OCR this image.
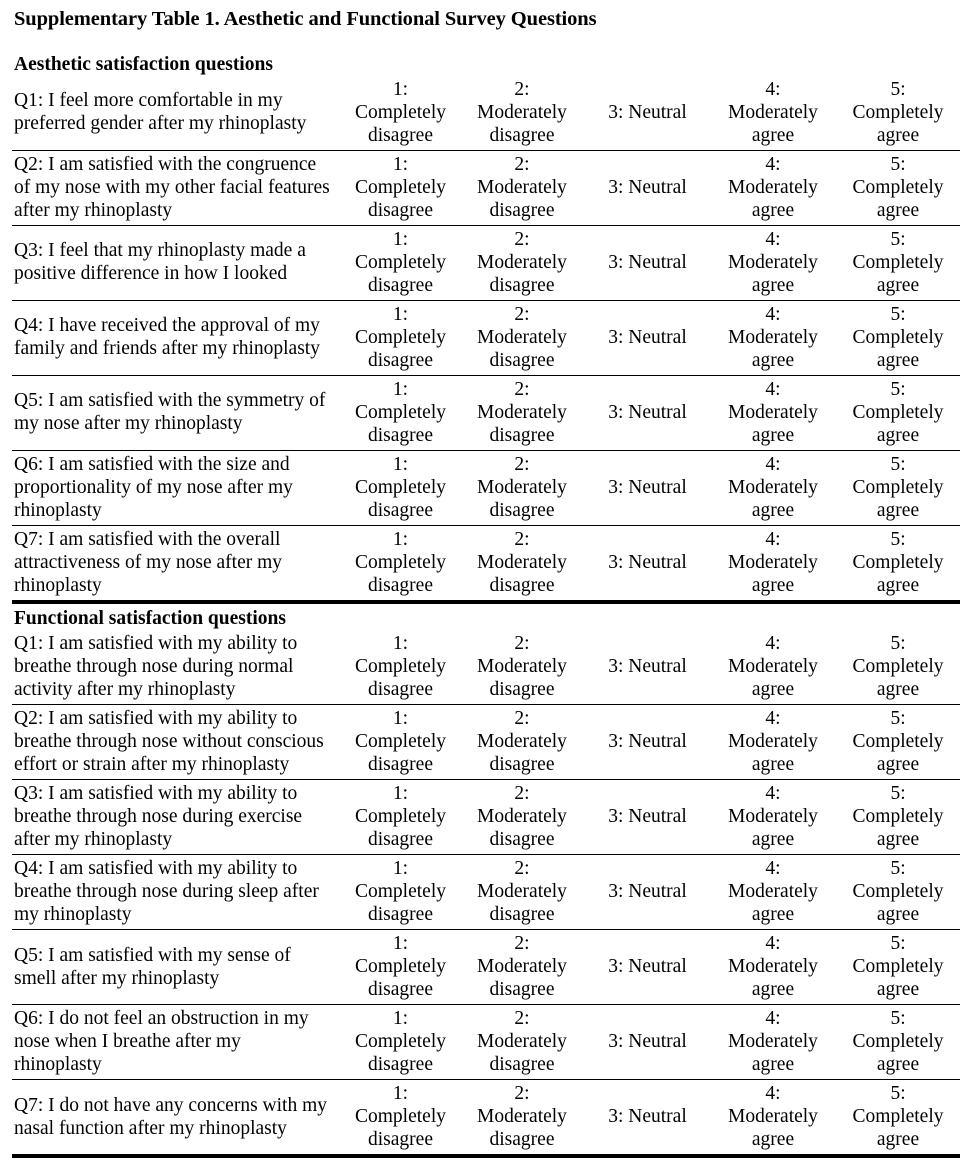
Supplementary Table 1. Aesthetic and Functional Survey Questions
Aesthetic satisfaction questions					
Q1: I feel more comfortable in my preferred gender after my rhinoplasty	1:
Completely
disagree	2:
Moderately
disagree	3: Neutral	4:
Moderately
agree	5:
Completely
agree

Q2: I am satisfied with the congruence of my nose with my other facial features after my rhinoplasty	1:
Completely
disagree	2:
Moderately
disagree	3: Neutral	4:
Moderately
agree	5:
Completely
agree

Q3: I feel that my rhinoplasty made a positive difference in how I looked	1:
Completely
disagree	2:
Moderately
disagree	3: Neutral	4:
Moderately
agree	5:
Completely
agree

Q4: I have received the approval of my family and friends after my rhinoplasty	1:
Completely
disagree	2:
Moderately
disagree	3: Neutral	4:
Moderately
agree	5:
Completely
agree

Q5: I am satisfied with the symmetry of my nose after my rhinoplasty	1:
Completely
disagree	2:
Moderately
disagree	3: Neutral	4:
Moderately
agree	5:
Completely
agree

Q6: I am satisfied with the size and proportionality of my nose after my rhinoplasty	1:
Completely
disagree	2:
Moderately
disagree	3: Neutral	4:
Moderately
agree	5:
Completely
agree

Q7: I am satisfied with the overall attractiveness of my nose after my rhinoplasty	1:
Completely
disagree	2:
Moderately
disagree	3: Neutral	4:
Moderately
agree	5:
Completely
agree

Functional satisfaction questions					
Q1: I am satisfied with my ability to breathe through nose during normal activity after my rhinoplasty	1:
Completely
disagree	2:
Moderately
disagree	3: Neutral	4:
Moderately
agree	5:
Completely
agree

Q2: I am satisfied with my ability to breathe through nose without conscious effort or strain after my rhinoplasty	1:
Completely
disagree	2:
Moderately
disagree	3: Neutral	4:
Moderately
agree	5:
Completely
agree

Q3: I am satisfied with my ability to breathe through nose during exercise after my rhinoplasty	1:
Completely
disagree	2:
Moderately
disagree	3: Neutral	4:
Moderately
agree	5:
Completely
agree

Q4: I am satisfied with my ability to breathe through nose during sleep after my rhinoplasty	1:
Completely
disagree	2:
Moderately
disagree	3: Neutral	4:
Moderately
agree	5:
Completely
agree

Q5: I am satisfied with my sense of smell after my rhinoplasty	1:
Completely
disagree	2:
Moderately
disagree	3: Neutral	4:
Moderately
agree	5:
Completely
agree

Q6: I do not feel an obstruction in my nose when I breathe after my rhinoplasty	1:
Completely
disagree	2:
Moderately
disagree	3: Neutral	4:
Moderately
agree	5:
Completely
agree

Q7: I do not have any concerns with my nasal function after my rhinoplasty	1:
Completely
disagree	2:
Moderately
disagree	3: Neutral	4:
Moderately
agree	5:
Completely
agree
